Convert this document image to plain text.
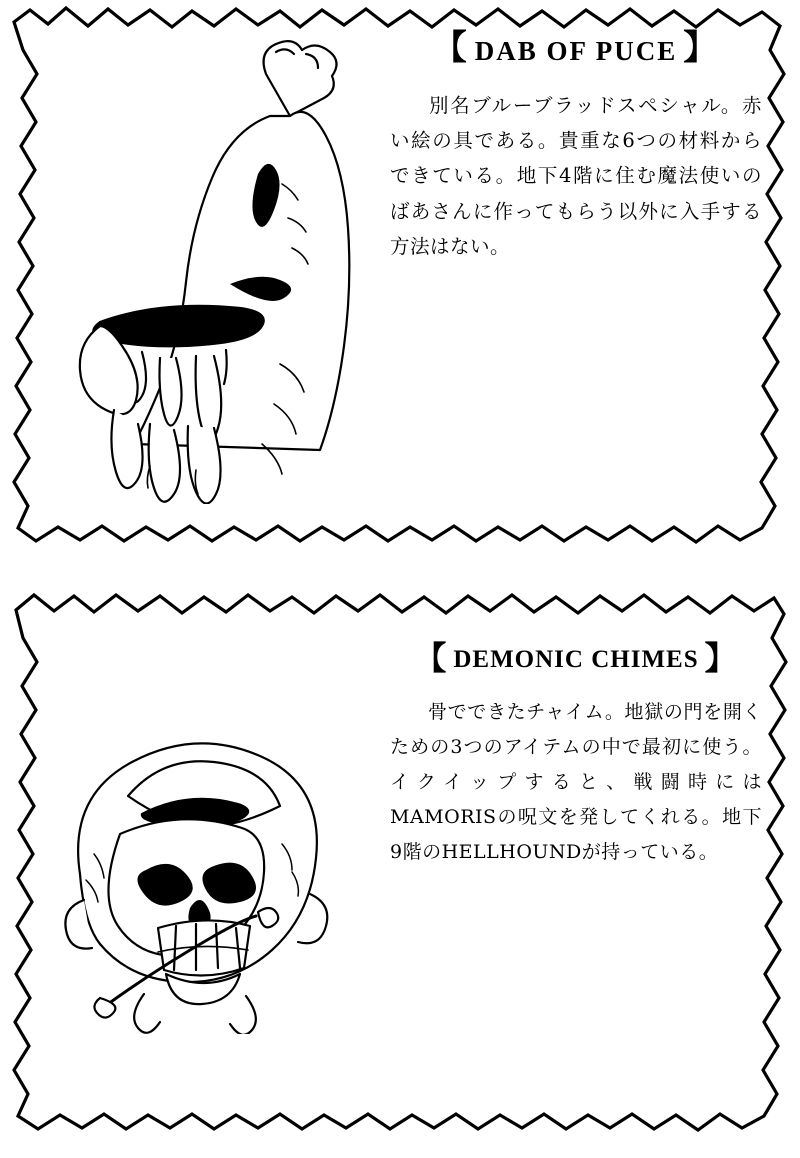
【 DAB OF PUCE 】

別名ブルーブラッドスペシャル。赤い絵の具である。貴重な6つの材料からできている。地下4階に住む魔法使いのばあさんに作ってもらう以外に入手する方法はない。

【 DEMONIC CHIMES 】

骨でできたチャイム。地獄の門を開くための3つのアイテムの中で最初に使う。イクイップすると、戦闘時にはMAMORISの呪文を発してくれる。地下9階のHELLHOUNDが持っている。
